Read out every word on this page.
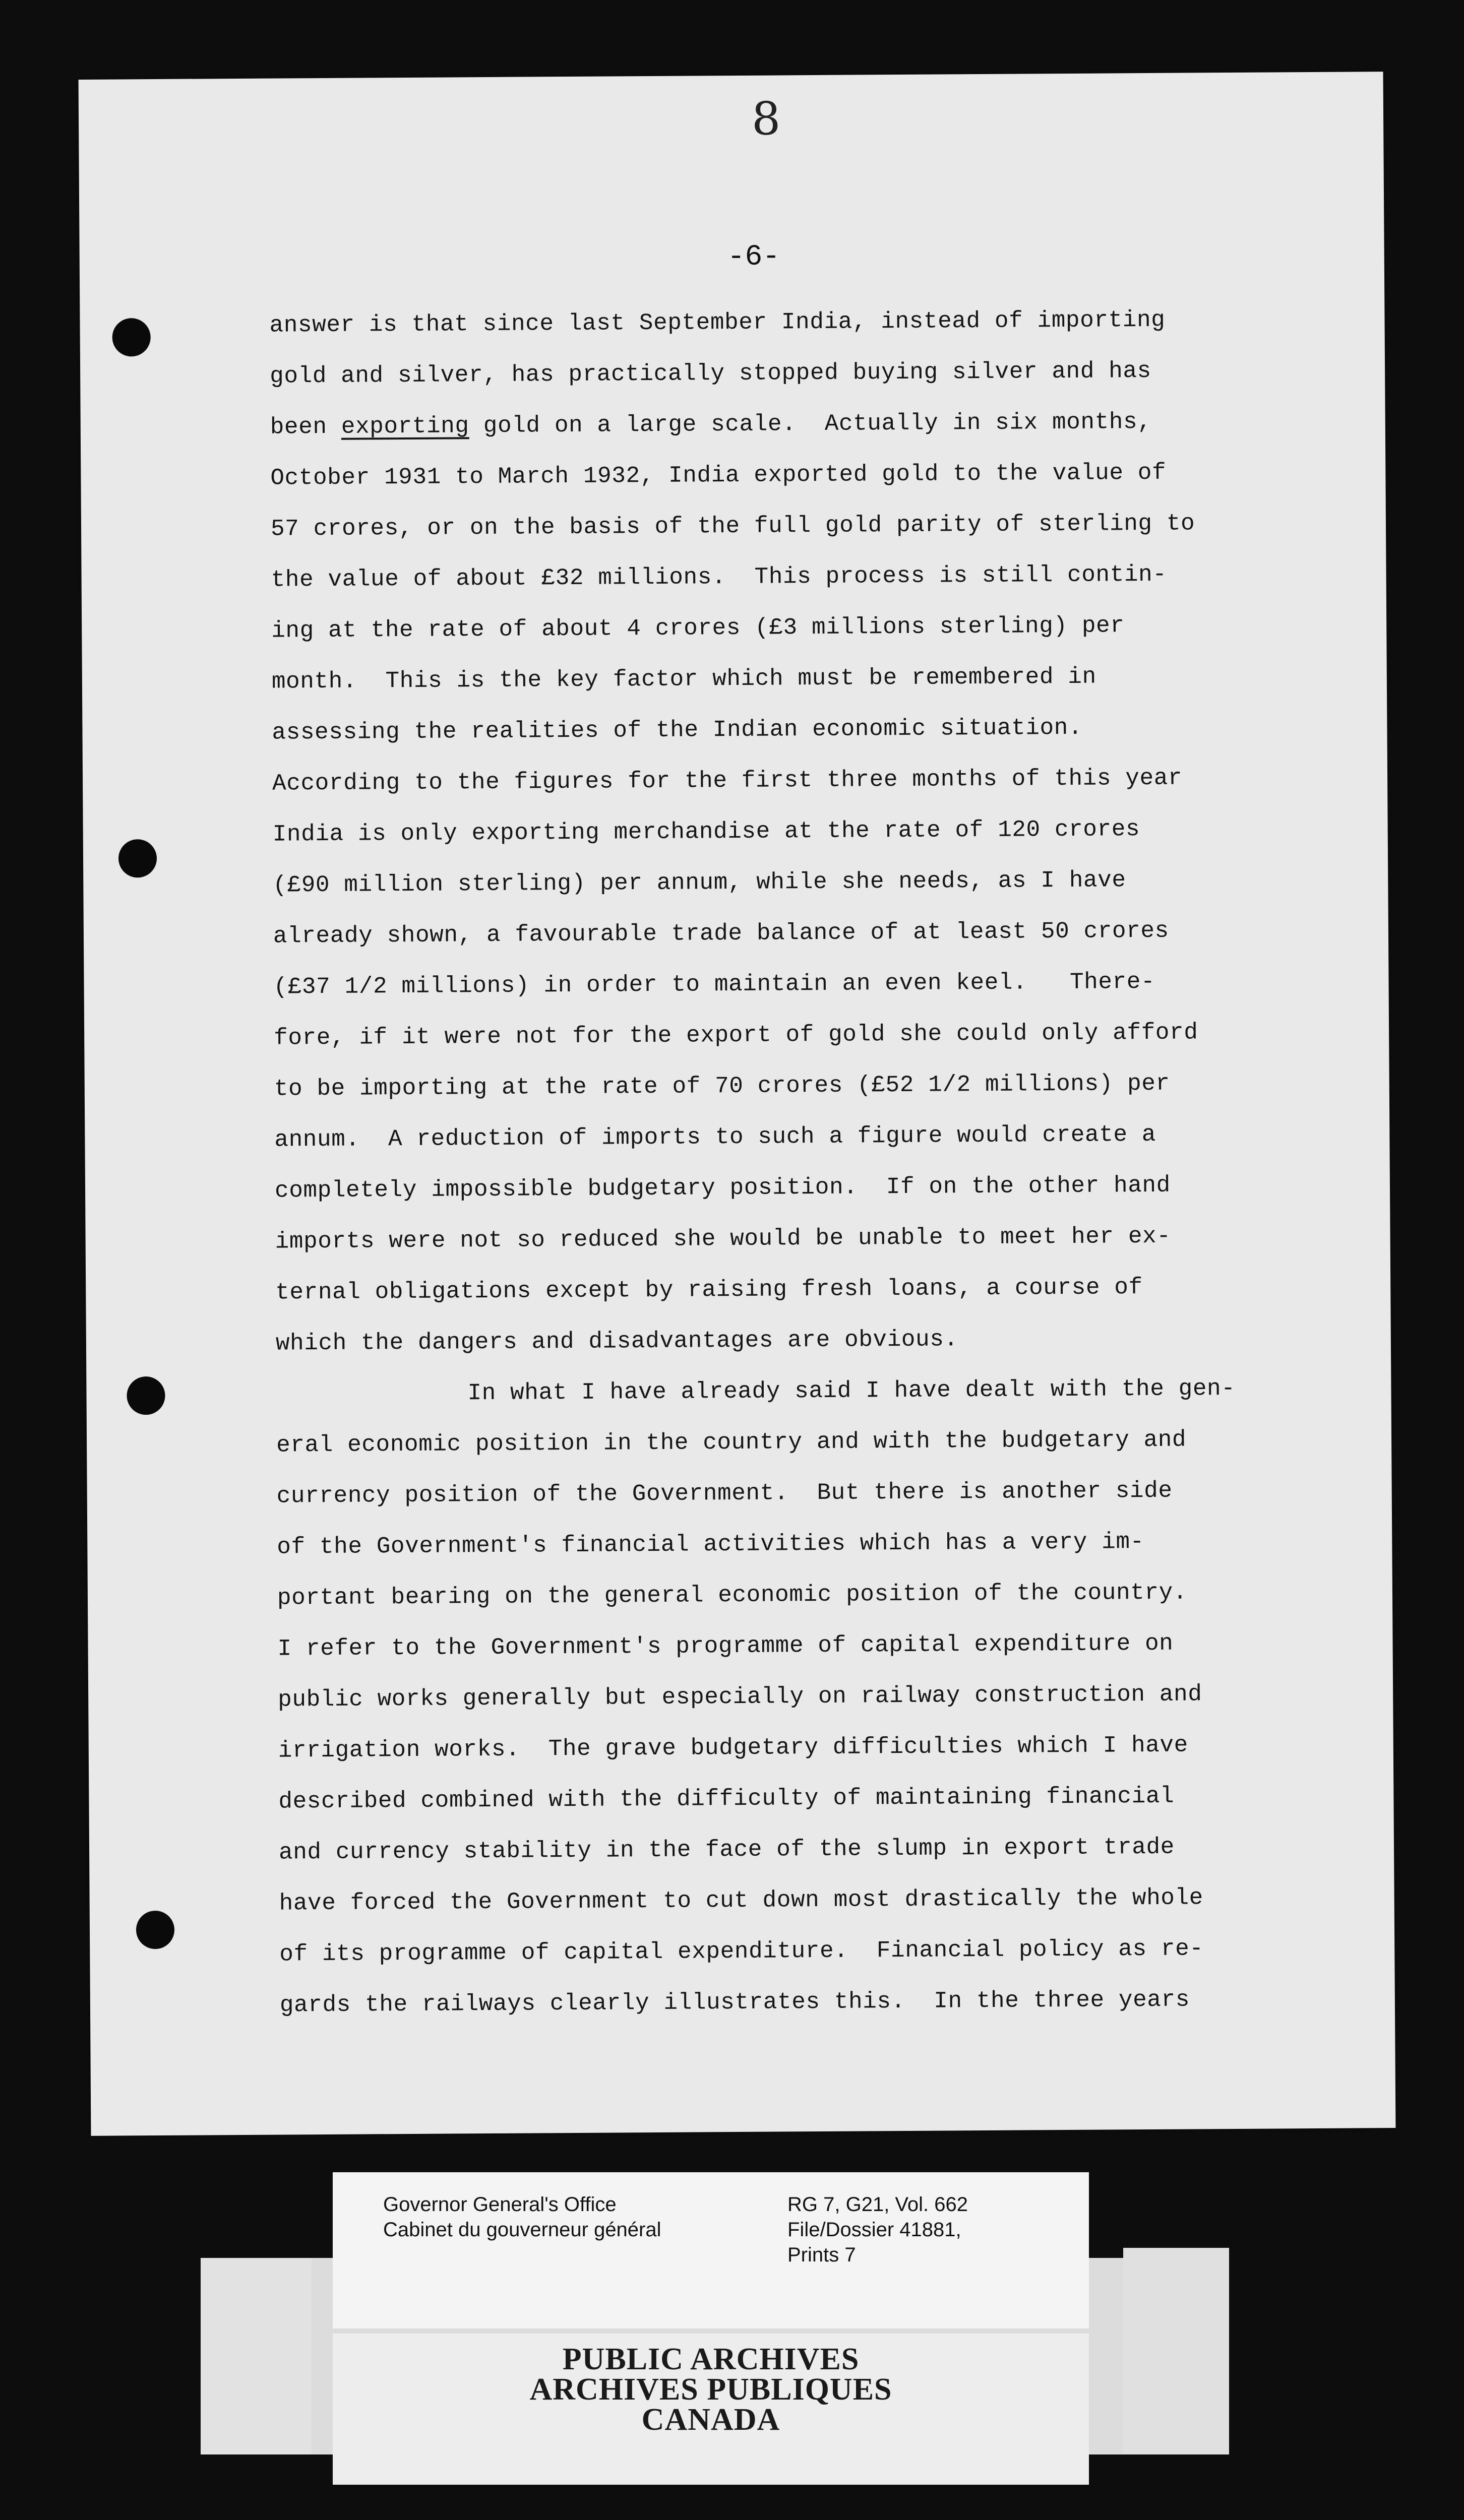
8
-6-
answer is that since last September India, instead of importing
gold and silver, has practically stopped buying silver and has
been exporting gold on a large scale.  Actually in six months,
October 1931 to March 1932, India exported gold to the value of
57 crores, or on the basis of the full gold parity of sterling to
the value of about £32 millions.  This process is still contin-
ing at the rate of about 4 crores (£3 millions sterling) per
month.  This is the key factor which must be remembered in
assessing the realities of the Indian economic situation.
According to the figures for the first three months of this year
India is only exporting merchandise at the rate of 120 crores
(£90 million sterling) per annum, while she needs, as I have
already shown, a favourable trade balance of at least 50 crores
(£37 1/2 millions) in order to maintain an even keel.   There-
fore, if it were not for the export of gold she could only afford
to be importing at the rate of 70 crores (£52 1/2 millions) per
annum.  A reduction of imports to such a figure would create a
completely impossible budgetary position.  If on the other hand
imports were not so reduced she would be unable to meet her ex-
ternal obligations except by raising fresh loans, a course of
which the dangers and disadvantages are obvious.
In what I have already said I have dealt with the gen-
eral economic position in the country and with the budgetary and
currency position of the Government.  But there is another side
of the Government's financial activities which has a very im-
portant bearing on the general economic position of the country.
I refer to the Government's programme of capital expenditure on
public works generally but especially on railway construction and
irrigation works.  The grave budgetary difficulties which I have
described combined with the difficulty of maintaining financial
and currency stability in the face of the slump in export trade
have forced the Government to cut down most drastically the whole
of its programme of capital expenditure.  Financial policy as re-
gards the railways clearly illustrates this.  In the three years
Governor General's Office
Cabinet du gouverneur général
RG 7, G21, Vol. 662
File/Dossier 41881,
Prints 7
PUBLIC ARCHIVES
ARCHIVES PUBLIQUES
CANADA
